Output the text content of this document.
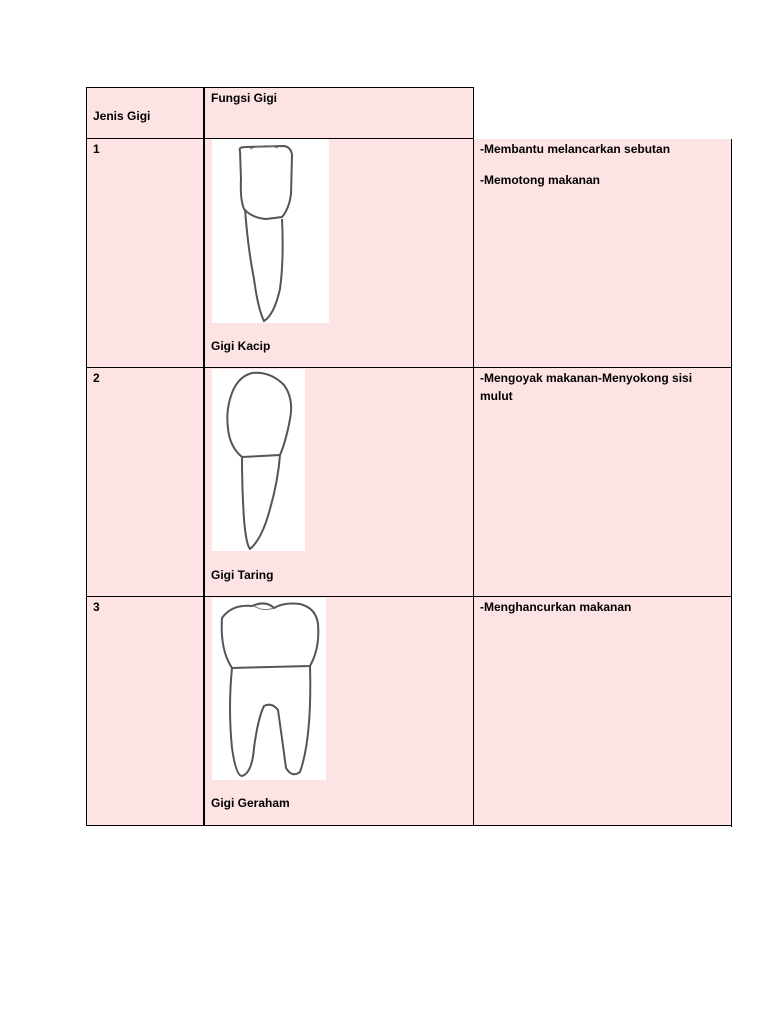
Jenis Gigi
Fungsi Gigi
1
Gigi Kacip
-Membantu melancarkan sebutan
-Memotong makanan
2
Gigi Taring
-Mengoyak makanan-Menyokong sisi mulut
3
Gigi Geraham
-Menghancurkan makanan
